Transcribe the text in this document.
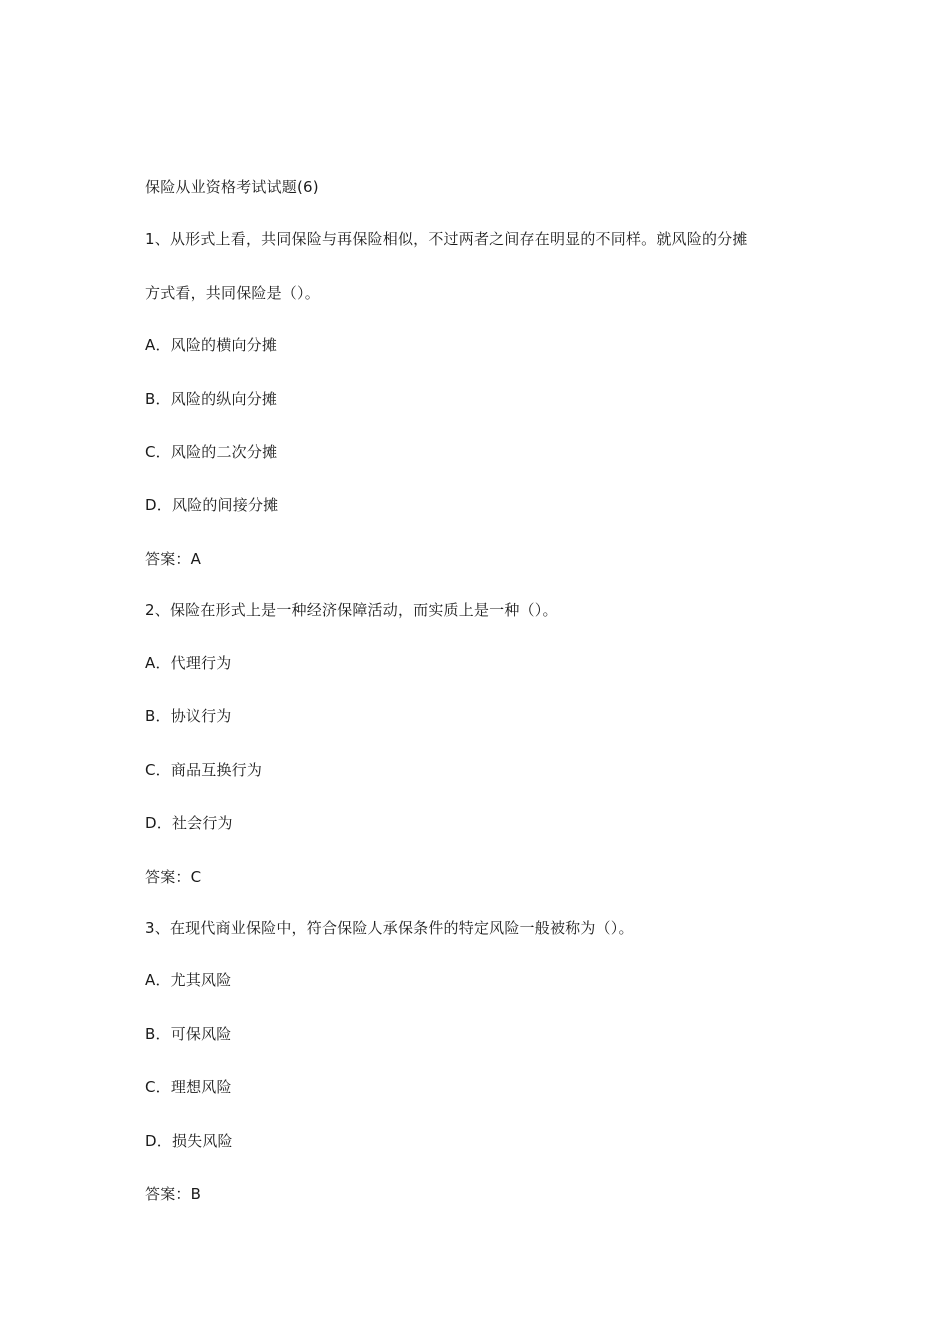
保险从业资格考试试题(6)
1、从形式上看，共同保险与再保险相似，不过两者之间存在明显的不同样。就风险的分摊
方式看，共同保险是（）。
A．风险的横向分摊
B．风险的纵向分摊
C．风险的二次分摊
D．风险的间接分摊
答案：A
2、保险在形式上是一种经济保障活动，而实质上是一种（）。
A．代理行为
B．协议行为
C．商品互换行为
D．社会行为
答案：C
3、在现代商业保险中，符合保险人承保条件的特定风险一般被称为（）。
A．尤其风险
B．可保风险
C．理想风险
D．损失风险
答案：B
